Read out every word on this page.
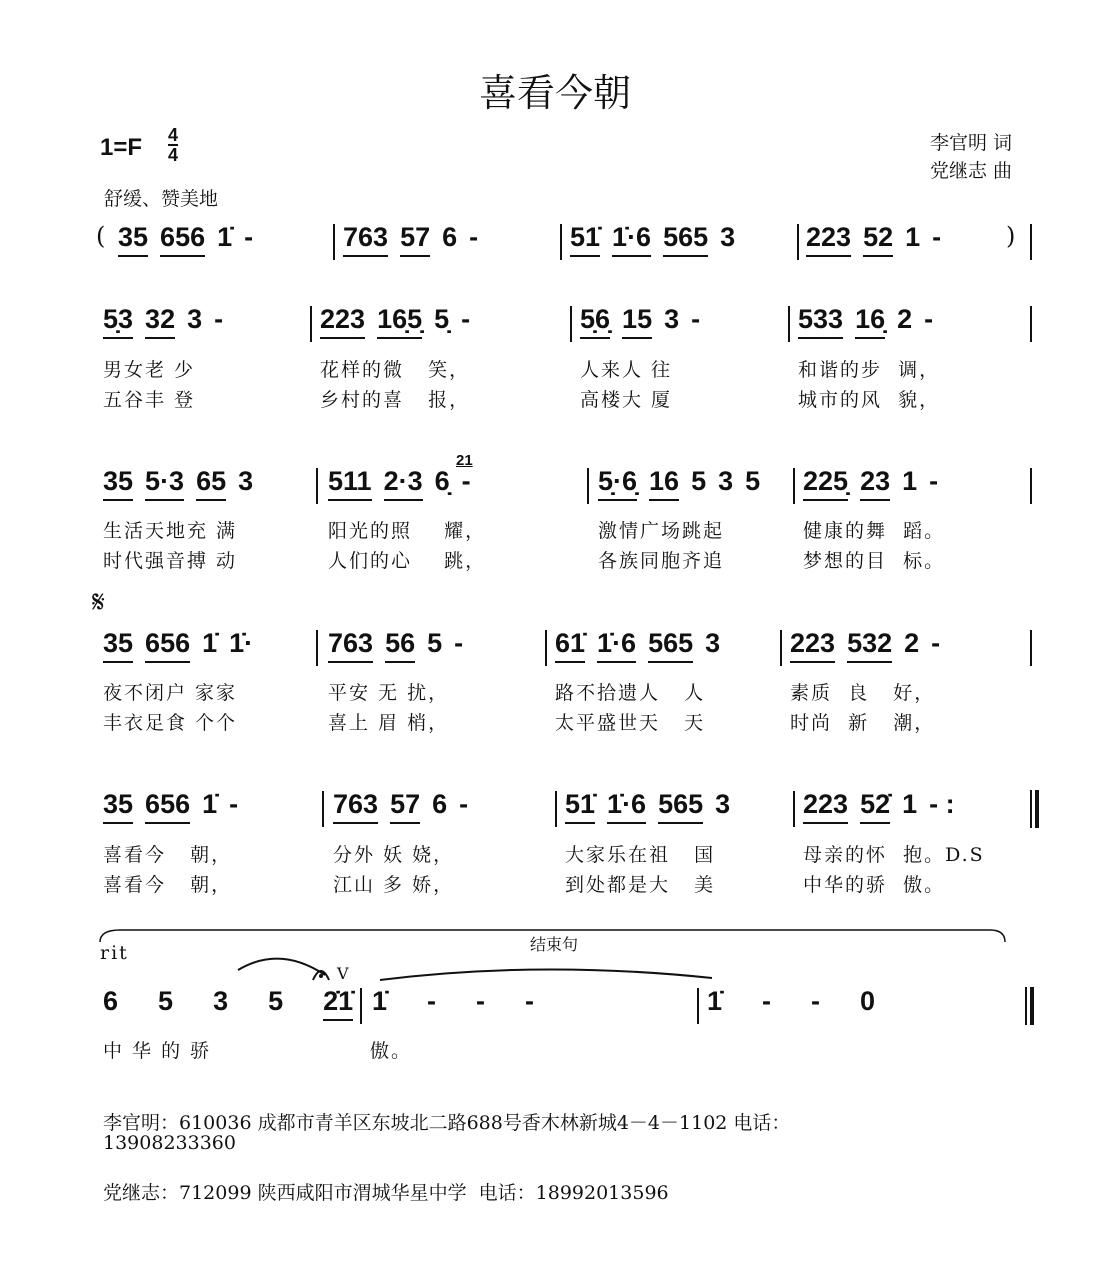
喜看今朝
$1=F \frac{4}{4}$	李官明 词
党继志 曲
舒缓、赞美地
𝄋
rit	结束句
V
21
(	)
35 656 1̇ -	763 57 6 -	51̇ 1̇·6 565 3	223 52 1 -
5̣3 32 3 -	223 16̣5̣ 5̣ -	5̣6̣ 15 3 -	533 16̣ 2 -
男女老 少	花样的微   笑，	人来人 往	和谐的步  调，
五谷丰 登	乡村的喜   报，	高楼大 厦	城市的风  貌，
35 5·3 65 3	511 2·3 6̣ -	5̣·6̣ 16 5 3 5	225̣ 23 1 -
生活天地充 满	阳光的照    耀，	激情广场跳起	健康的舞  蹈。
时代强音搏 动	人们的心    跳，	各族同胞齐追	梦想的目  标。
35 656 1̇ 1̇·	763 56 5 -	61̇ 1̇·6 565 3	223 532 2 -
夜不闭户 家家	平安 无 扰，	路不拾遗人   人	素质  良   好，
丰衣足食 个个	喜上 眉 梢，	太平盛世天   天	时尚  新   潮，
35 656 1̇ -	763 57 6 -	51̇ 1̇·6 565 3	223 52̇ 1 - :
喜看今   朝，	分外 妖 娆，	大家乐在祖   国	母亲的怀  抱。D.S
喜看今   朝，	江山 多 娇，	到处都是大   美	中华的骄  傲。
6 5 3 5 2̇1̇ 1̇ - - -	1̇ - - 0
中 华 的 骄	傲。
李官明：610036 成都市青羊区东坡北二路688号香木林新城4－4－1102 电话：
13908233360
党继志：712099 陕西咸阳市渭城华星中学  电话：18992013596
